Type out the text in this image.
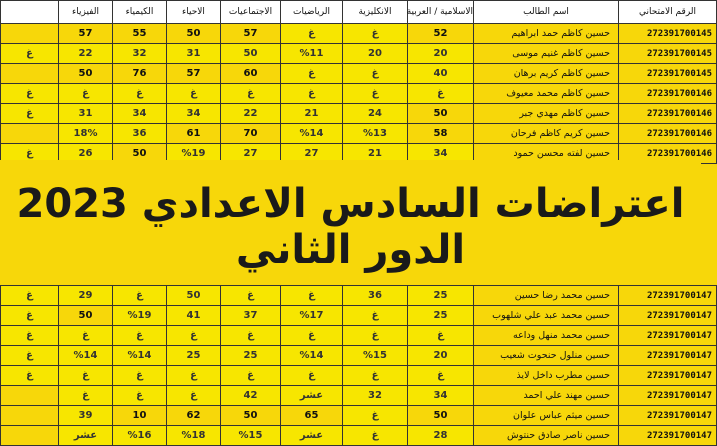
الرقم الامتحاني	اسم الطالب	الاسلامية / العربية	الانكليزية	الرياضيات	الاجتماعيات	الاحياء	الكيمياء	الفيزياء	
272391700145	حسين كاظم حمد ابراهيم	52	غ	غ	57	50	55	57	
272391700145	حسين كاظم غنيم موسى	20	20	%11	50	31	32	22	غ
272391700145	حسين كاظم كريم برهان	40	غ	غ	60	57	76	50	
272391700146	حسين كاظم محمد معيوف	غ	غ	غ	غ	غ	غ	غ	غ
272391700146	حسين كاظم مهدي جبر	50	24	21	22	34	34	31	غ
272391700146	حسين كريم كاظم فرحان	58	%13	%14	70	61	36	18%	
272391700146	حسين لفته محسن حمود	34	21	27	27	%19	50	26	غ
اعتراضات السادس الاعدادي 2023 الدور الثاني
272391700147	حسين محمد رضا حسين	25	36	غ	غ	50	غ	29	غ
272391700147	حسين محمد عبد علي شلهوب	25	غ	%17	37	41	%19	50	غ
272391700147	حسين محمد منهل وداعه	غ	غ	غ	غ	غ	غ	غ	غ
272391700147	حسين منلول حنحوت شعيب	20	%15	%14	25	25	%14	%14	غ
272391700147	حسين مطرب داخل لايذ	غ	غ	غ	غ	غ	غ	غ	غ
272391700147	حسين مهند علي احمد	34	32	عشر	42	غ	غ	غ	
272391700147	حسين ميثم عباس علوان	50	غ	65	50	62	10	39	
272391700147	حسين ناصر صادق حنتوش	28	غ	عشر	%15	%18	%16	عشر	
